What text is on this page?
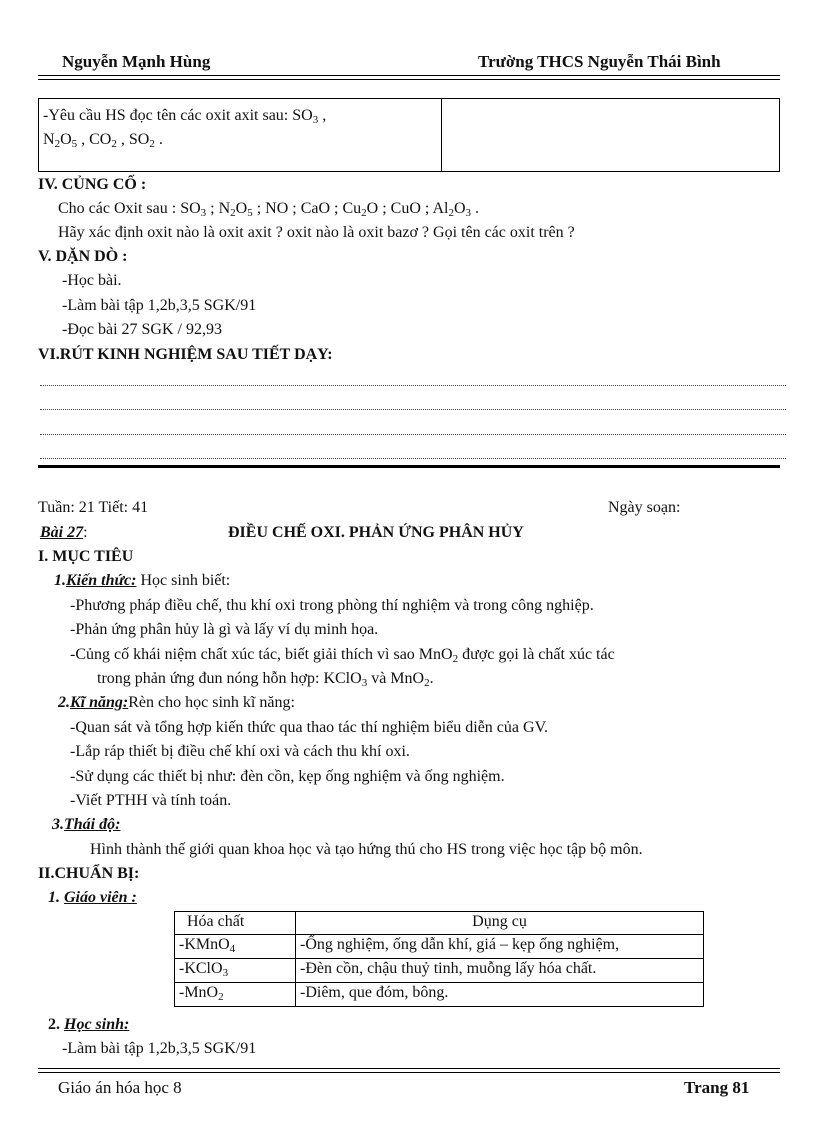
Nguyễn Mạnh Hùng	Trường THCS Nguyễn Thái Bình
-Yêu cầu HS đọc tên các oxit axit sau: $SO_3$ ,
$N_2O_5$ , $CO_2$ , $SO_2$ .

IV. CỦNG CỐ :
Cho các Oxit sau : $SO_3$ ; $N_2O_5$ ; NO ; CaO ; $Cu_2O$ ; CuO ; $Al_2O_3$ .
Hãy xác định oxit nào là oxit axit ? oxit nào là oxit bazơ ? Gọi tên các oxit trên ?
V. DẶN DÒ :
-Học bài.
-Làm bài tập 1,2b,3,5 SGK/91
-Đọc bài 27 SGK / 92,93
VI.RÚT KINH NGHIỆM SAU TIẾT DẠY:
Tuần: 21 Tiết: 41	Ngày soạn:
Bài 27:	ĐIỀU CHẾ OXI. PHẢN ỨNG PHÂN HỦY
I. MỤC TIÊU
1.Kiến thức: Học sinh biết:
-Phương pháp điều chế, thu khí oxi trong phòng thí nghiệm và trong công nghiệp.
-Phản ứng phân hủy là gì và lấy ví dụ minh họa.
-Củng cố khái niệm chất xúc tác, biết giải thích vì sao MnO$_2$ được gọi là chất xúc tác
trong phản ứng đun nóng hỗn hợp: KClO$_3$ và MnO$_2$.
2.Kĩ năng:Rèn cho học sinh kĩ năng:
-Quan sát và tổng hợp kiến thức qua thao tác thí nghiệm biểu diễn của GV.
-Lắp ráp thiết bị điều chế khí oxi và cách thu khí oxi.
-Sử dụng các thiết bị như: đèn cồn, kẹp ống nghiệm và ống nghiệm.
-Viết PTHH và tính toán.
3.Thái độ:
Hình thành thế giới quan khoa học và tạo hứng thú cho HS trong việc học tập bộ môn.
II.CHUẨN BỊ:
1. Giáo viên :
Hóa chất	Dụng cụ
-KMnO$_4$	-Ống nghiệm, ống dẫn khí, giá – kẹp ống nghiệm,
-KClO$_3$	-Đèn cồn, chậu thuỷ tinh, muỗng lấy hóa chất.
-MnO$_2$	-Diêm, que đóm, bông.
2. Học sinh:
-Làm bài tập 1,2b,3,5 SGK/91
Giáo án hóa học 8	Trang 81
